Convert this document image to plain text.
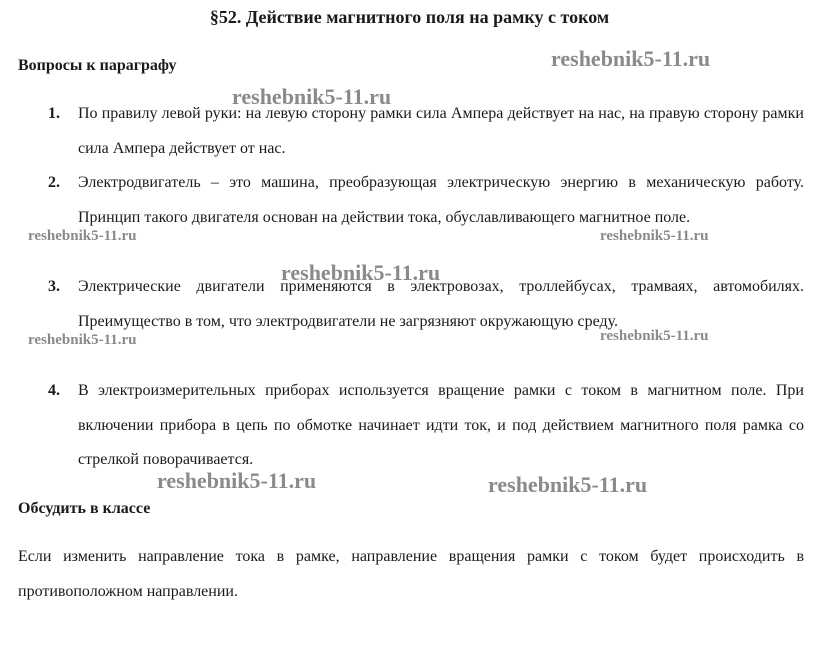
§52. Действие магнитного поля на рамку с током
Вопросы к параграфу
1. По правилу левой руки: на левую сторону рамки сила Ампера действует на нас, на правую сторону рамки сила Ампера действует от нас.
2. Электродвигатель – это машина, преобразующая электрическую энергию в механическую работу. Принцип такого двигателя основан на действии тока, обуславливающего магнитное поле.
3. Электрические двигатели применяются в электровозах, троллейбусах, трамваях, автомобилях. Преимущество в том, что электродвигатели не загрязняют окружающую среду.
4. В электроизмерительных приборах используется вращение рамки с током в магнитном поле. При включении прибора в цепь по обмотке начинает идти ток, и под действием магнитного поля рамка со стрелкой поворачивается.
Обсудить в классе
Если изменить направление тока в рамке, направление вращения рамки с током будет происходить в противоположном направлении.
reshebnik5-11.ru
reshebnik5-11.ru
reshebnik5-11.ru	reshebnik5-11.ru
reshebnik5-11.ru
reshebnik5-11.ru	reshebnik5-11.ru
reshebnik5-11.ru	reshebnik5-11.ru
